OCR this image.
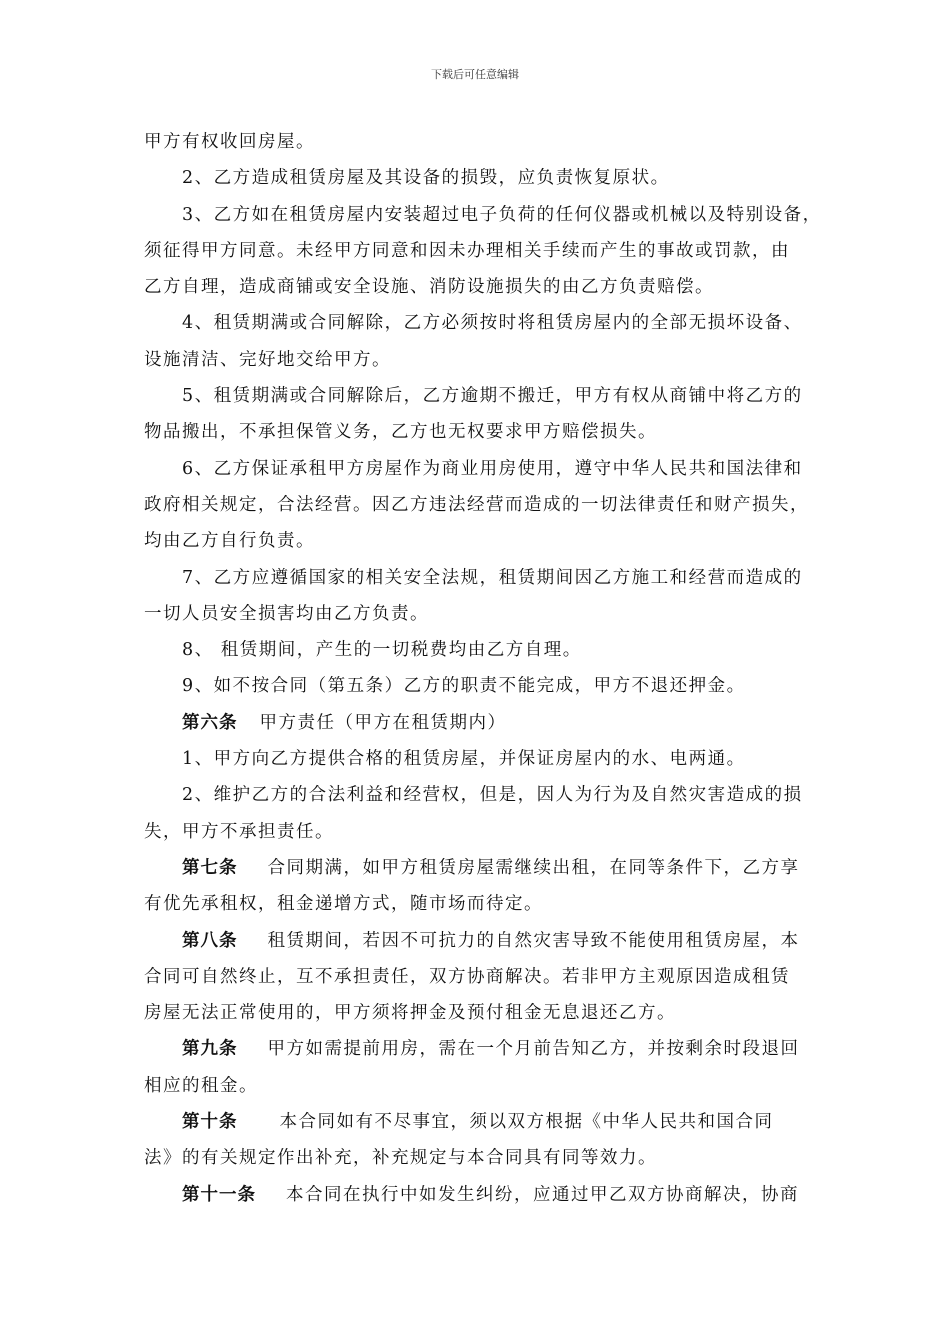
下载后可任意编辑
甲方有权收回房屋。
2、乙方造成租赁房屋及其设备的损毁，应负责恢复原状。
3、乙方如在租赁房屋内安装超过电子负荷的任何仪器或机械以及特别设备，
须征得甲方同意。未经甲方同意和因未办理相关手续而产生的事故或罚款，由
乙方自理，造成商铺或安全设施、消防设施损失的由乙方负责赔偿。
4、租赁期满或合同解除，乙方必须按时将租赁房屋内的全部无损坏设备、
设施清洁、完好地交给甲方。
5、租赁期满或合同解除后，乙方逾期不搬迁，甲方有权从商铺中将乙方的
物品搬出，不承担保管义务，乙方也无权要求甲方赔偿损失。
6、乙方保证承租甲方房屋作为商业用房使用，遵守中华人民共和国法律和
政府相关规定，合法经营。因乙方违法经营而造成的一切法律责任和财产损失，
均由乙方自行负责。
7、乙方应遵循国家的相关安全法规，租赁期间因乙方施工和经营而造成的
一切人员安全损害均由乙方负责。
8、 租赁期间，产生的一切税费均由乙方自理。
9、如不按合同（第五条）乙方的职责不能完成，甲方不退还押金。
第六条 甲方责任（甲方在租赁期内）
1、甲方向乙方提供合格的租赁房屋，并保证房屋内的水、电两通。
2、维护乙方的合法利益和经营权，但是，因人为行为及自然灾害造成的损
失，甲方不承担责任。
第七条 合同期满，如甲方租赁房屋需继续出租，在同等条件下，乙方享
有优先承租权，租金递增方式，随市场而待定。
第八条 租赁期间，若因不可抗力的自然灾害导致不能使用租赁房屋，本
合同可自然终止，互不承担责任，双方协商解决。若非甲方主观原因造成租赁
房屋无法正常使用的，甲方须将押金及预付租金无息退还乙方。
第九条 甲方如需提前用房，需在一个月前告知乙方，并按剩余时段退回
相应的租金。
第十条 本合同如有不尽事宜，须以双方根据《中华人民共和国合同
法》的有关规定作出补充，补充规定与本合同具有同等效力。
第十一条 本合同在执行中如发生纠纷，应通过甲乙双方协商解决，协商
